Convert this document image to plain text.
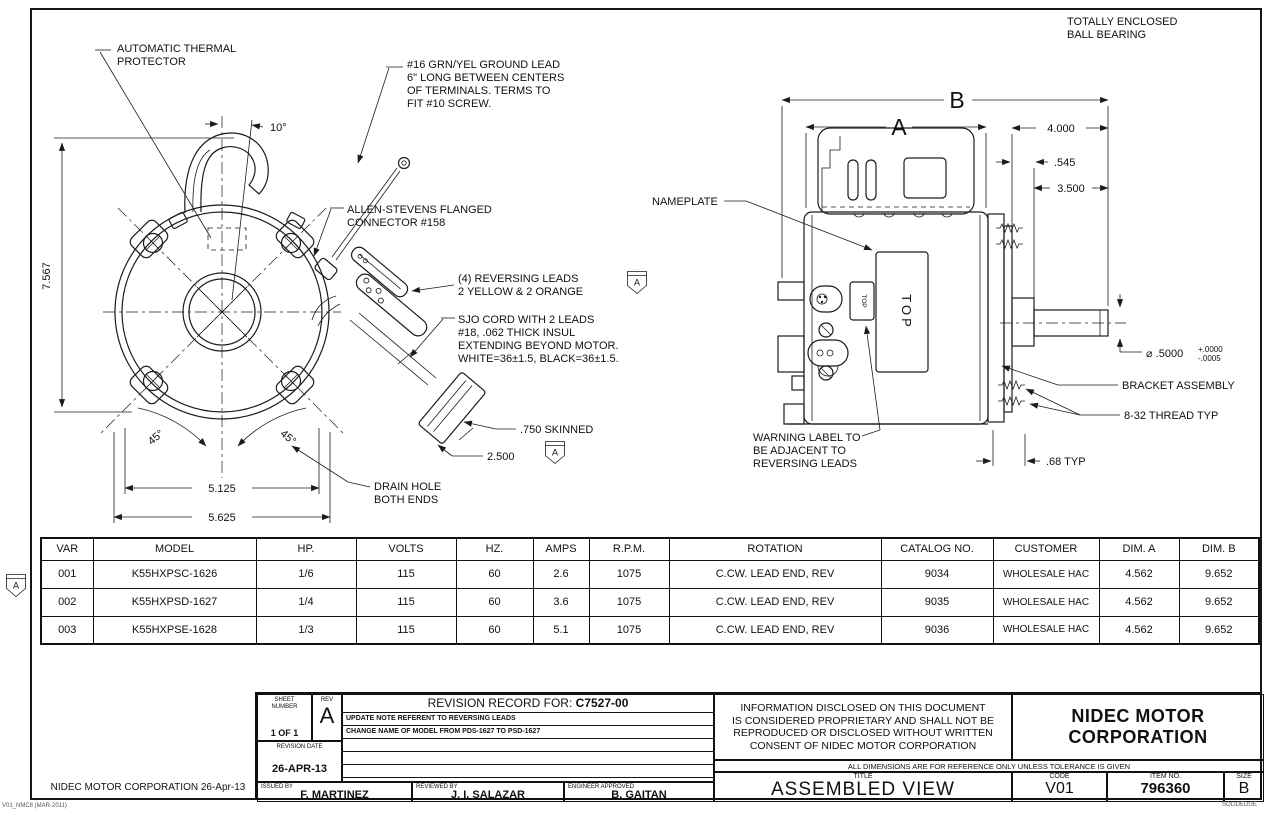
7.567
10°
45°	45°
5.125
5.625
AUTOMATIC THERMAL
PROTECTOR	#16 GRN/YEL GROUND LEAD
6" LONG BETWEEN CENTERS
OF TERMINALS. TERMS TO
FIT #10 SCREW.
ALLEN-STEVENS FLANGED
CONNECTOR #158
(4) REVERSING LEADS
2 YELLOW & 2 ORANGE
SJO CORD WITH 2 LEADS
#18, .062 THICK INSUL
EXTENDING BEYOND MOTOR.
WHITE=36±1.5, BLACK=36±1.5.
.750 SKINNED
2.500
DRAIN HOLE
BOTH ENDS
TOP
TOP
B
A	4.000
.545
3.500
⌀ .5000 +.0000
-.0005
BRACKET ASSEMBLY
8-32 THREAD TYP
.68 TYP
NAMEPLATE
WARNING LABEL TO
BE ADJACENT TO
REVERSING LEADS
TOTALLY ENCLOSED
BALL BEARING
A
A
A
VAR	MODEL	HP.	VOLTS	HZ.	AMPS	R.P.M.	ROTATION	CATALOG NO.	CUSTOMER	DIM. A	DIM. B
001	K55HXPSC-1626	1/6	115	60	2.6	1075	C.CW. LEAD END, REV	9034	WHOLESALE HAC	4.562	9.652
002	K55HXPSD-1627	1/4	115	60	3.6	1075	C.CW. LEAD END, REV	9035	WHOLESALE HAC	4.562	9.652
003	K55HXPSE-1628	1/3	115	60	5.1	1075	C.CW. LEAD END, REV	9036	WHOLESALE HAC	4.562	9.652
SHEET
NUMBER
1 OF 1
REV
A
REVISION DATE
26-APR-13
REVISION RECORD FOR: C7527-00
UPDATE NOTE REFERENT TO REVERSING LEADS
CHANGE NAME OF MODEL FROM PDS-1627 TO PSD-1627
ISSUED BY
F. MARTINEZ
REVIEWED BY
J. I. SALAZAR
ENGINEER APPROVED
B. GAITAN
INFORMATION DISCLOSED ON THIS DOCUMENT
IS CONSIDERED PROPRIETARY AND SHALL NOT BE
REPRODUCED OR DISCLOSED WITHOUT WRITTEN
CONSENT OF NIDEC MOTOR CORPORATION
NIDEC MOTOR
CORPORATION
ALL DIMENSIONS ARE FOR REFERENCE ONLY UNLESS TOLERANCE IS GIVEN
TITLE
ASSEMBLED VIEW
CODE
V01
ITEM NO.
796360
SIZE
B
NIDEC MOTOR CORPORATION 26-Apr-13
V01_NMC8 (MAR-2011)	SOLIDEDGE
